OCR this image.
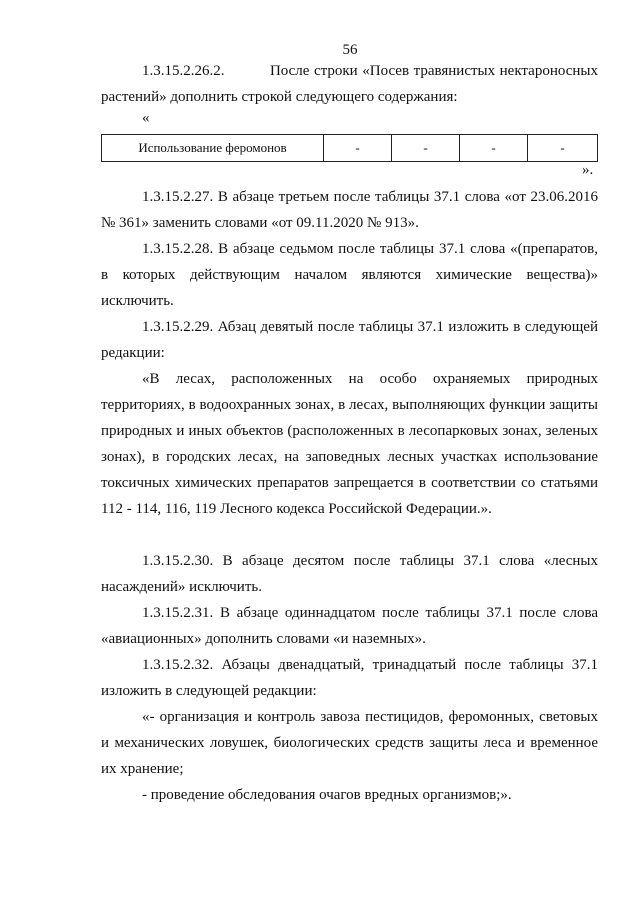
56

1.3.15.2.26.2.          После строки «Посев травянистых нектароносных растений» дополнить строкой следующего содержания:

«
Использование феромонов	-	-	-	-
».

1.3.15.2.27. В абзаце третьем после таблицы 37.1 слова «от 23.06.2016 № 361» заменить словами «от 09.11.2020 № 913».

1.3.15.2.28. В абзаце седьмом после таблицы 37.1 слова «(препаратов, в которых действующим началом являются химические вещества)» исключить.

1.3.15.2.29. Абзац девятый после таблицы 37.1 изложить в следующей редакции:

«В лесах, расположенных на особо охраняемых природных территориях, в водоохранных зонах, в лесах, выполняющих функции защиты природных и иных объектов (расположенных в лесопарковых зонах, зеленых зонах), в городских лесах, на заповедных лесных участках использование токсичных химических препаратов запрещается в соответствии со статьями 112 - 114, 116, 119 Лесного кодекса Российской Федерации.».

1.3.15.2.30. В абзаце десятом после таблицы 37.1 слова «лесных насаждений» исключить.

1.3.15.2.31. В абзаце одиннадцатом после таблицы 37.1 после слова «авиационных» дополнить словами «и наземных».

1.3.15.2.32. Абзацы двенадцатый, тринадцатый после таблицы 37.1 изложить в следующей редакции:

«- организация и контроль завоза пестицидов, феромонных, световых и механических ловушек, биологических средств защиты леса и временное их хранение;

- проведение обследования очагов вредных организмов;».
